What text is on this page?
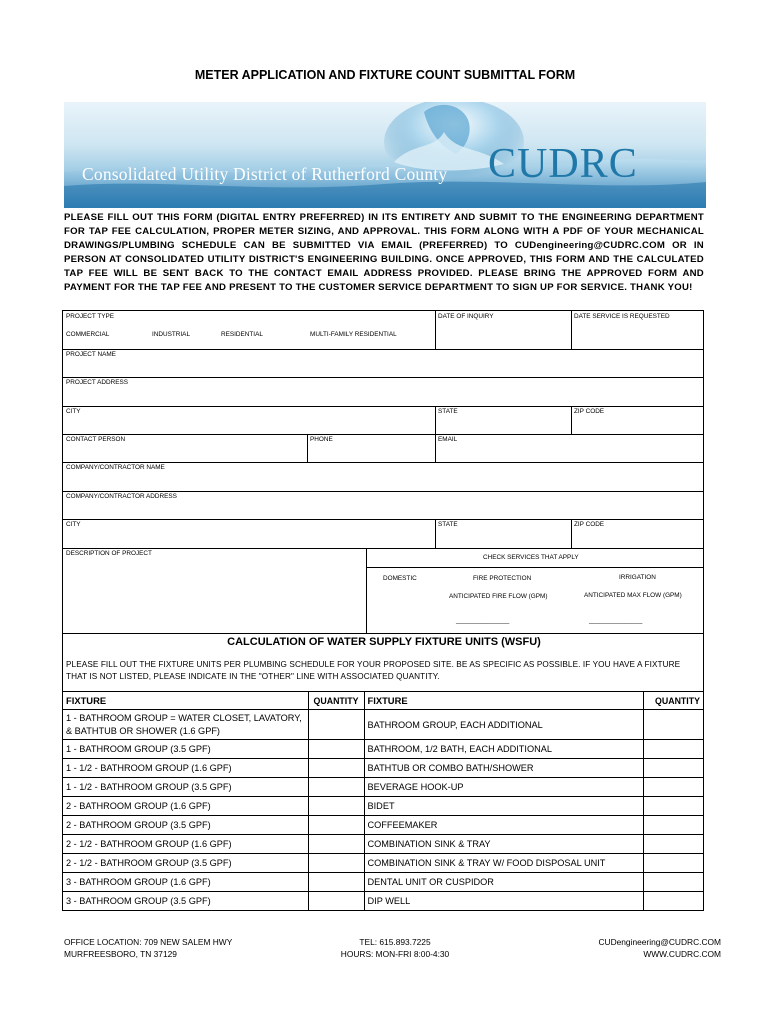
METER APPLICATION AND FIXTURE COUNT SUBMITTAL FORM
Consolidated Utility District of Rutherford County CUDRC
PLEASE FILL OUT THIS FORM (DIGITAL ENTRY PREFERRED) IN ITS ENTIRETY AND SUBMIT TO THE ENGINEERING DEPARTMENT FOR TAP FEE CALCULATION, PROPER METER SIZING, AND APPROVAL. THIS FORM ALONG WITH A PDF OF YOUR MECHANICAL DRAWINGS/PLUMBING SCHEDULE CAN BE SUBMITTED VIA EMAIL (PREFERRED) TO CUDengineering@CUDRC.COM OR IN PERSON AT CONSOLIDATED UTILITY DISTRICT'S ENGINEERING BUILDING. ONCE APPROVED, THIS FORM AND THE CALCULATED TAP FEE WILL BE SENT BACK TO THE CONTACT EMAIL ADDRESS PROVIDED. PLEASE BRING THE APPROVED FORM AND PAYMENT FOR THE TAP FEE AND PRESENT TO THE CUSTOMER SERVICE DEPARTMENT TO SIGN UP FOR SERVICE. THANK YOU!
PROJECT TYPE	DATE OF INQUIRY	DATE SERVICE IS REQUESTED
COMMERCIAL	INDUSTRIAL	RESIDENTIAL	MULTI-FAMILY RESIDENTIAL
PROJECT NAME
PROJECT ADDRESS
CITY	STATE	ZIP CODE
CONTACT PERSON	PHONE	EMAIL
COMPANY/CONTRACTOR NAME
COMPANY/CONTRACTOR ADDRESS
CITY	STATE	ZIP CODE
DESCRIPTION OF PROJECT
CHECK SERVICES THAT APPLY
DOMESTIC	FIRE PROTECTION	IRRIGATION
ANTICIPATED FIRE FLOW (GPM)	ANTICIPATED MAX FLOW (GPM)
_______________	_______________
CALCULATION OF WATER SUPPLY FIXTURE UNITS (WSFU)
PLEASE FILL OUT THE FIXTURE UNITS PER PLUMBING SCHEDULE FOR YOUR PROPOSED SITE. BE AS SPECIFIC AS POSSIBLE. IF YOU HAVE A FIXTURE THAT IS NOT LISTED, PLEASE INDICATE IN THE "OTHER" LINE WITH ASSOCIATED QUANTITY.
FIXTURE	QUANTITY	FIXTURE	QUANTITY
1 - BATHROOM GROUP = WATER CLOSET, LAVATORY, & BATHTUB OR SHOWER (1.6 GPF)		BATHROOM GROUP, EACH ADDITIONAL	
1 - BATHROOM GROUP (3.5 GPF)		BATHROOM, 1/2 BATH, EACH ADDITIONAL	
1 - 1/2 - BATHROOM GROUP (1.6 GPF)		BATHTUB OR COMBO BATH/SHOWER	
1 - 1/2 - BATHROOM GROUP (3.5 GPF)		BEVERAGE HOOK-UP	
2 - BATHROOM GROUP (1.6 GPF)		BIDET	
2 - BATHROOM GROUP (3.5 GPF)		COFFEEMAKER	
2 - 1/2 - BATHROOM GROUP (1.6 GPF)		COMBINATION SINK & TRAY	
2 - 1/2 - BATHROOM GROUP (3.5 GPF)		COMBINATION SINK & TRAY W/ FOOD DISPOSAL UNIT	
3 - BATHROOM GROUP (1.6 GPF)		DENTAL UNIT OR CUSPIDOR	
3 - BATHROOM GROUP (3.5 GPF)		DIP WELL	
OFFICE LOCATION: 709 NEW SALEM HWY
MURFREESBORO, TN 37129
TEL: 615.893.7225
HOURS: MON-FRI 8:00-4:30
CUDengineering@CUDRC.COM
WWW.CUDRC.COM
